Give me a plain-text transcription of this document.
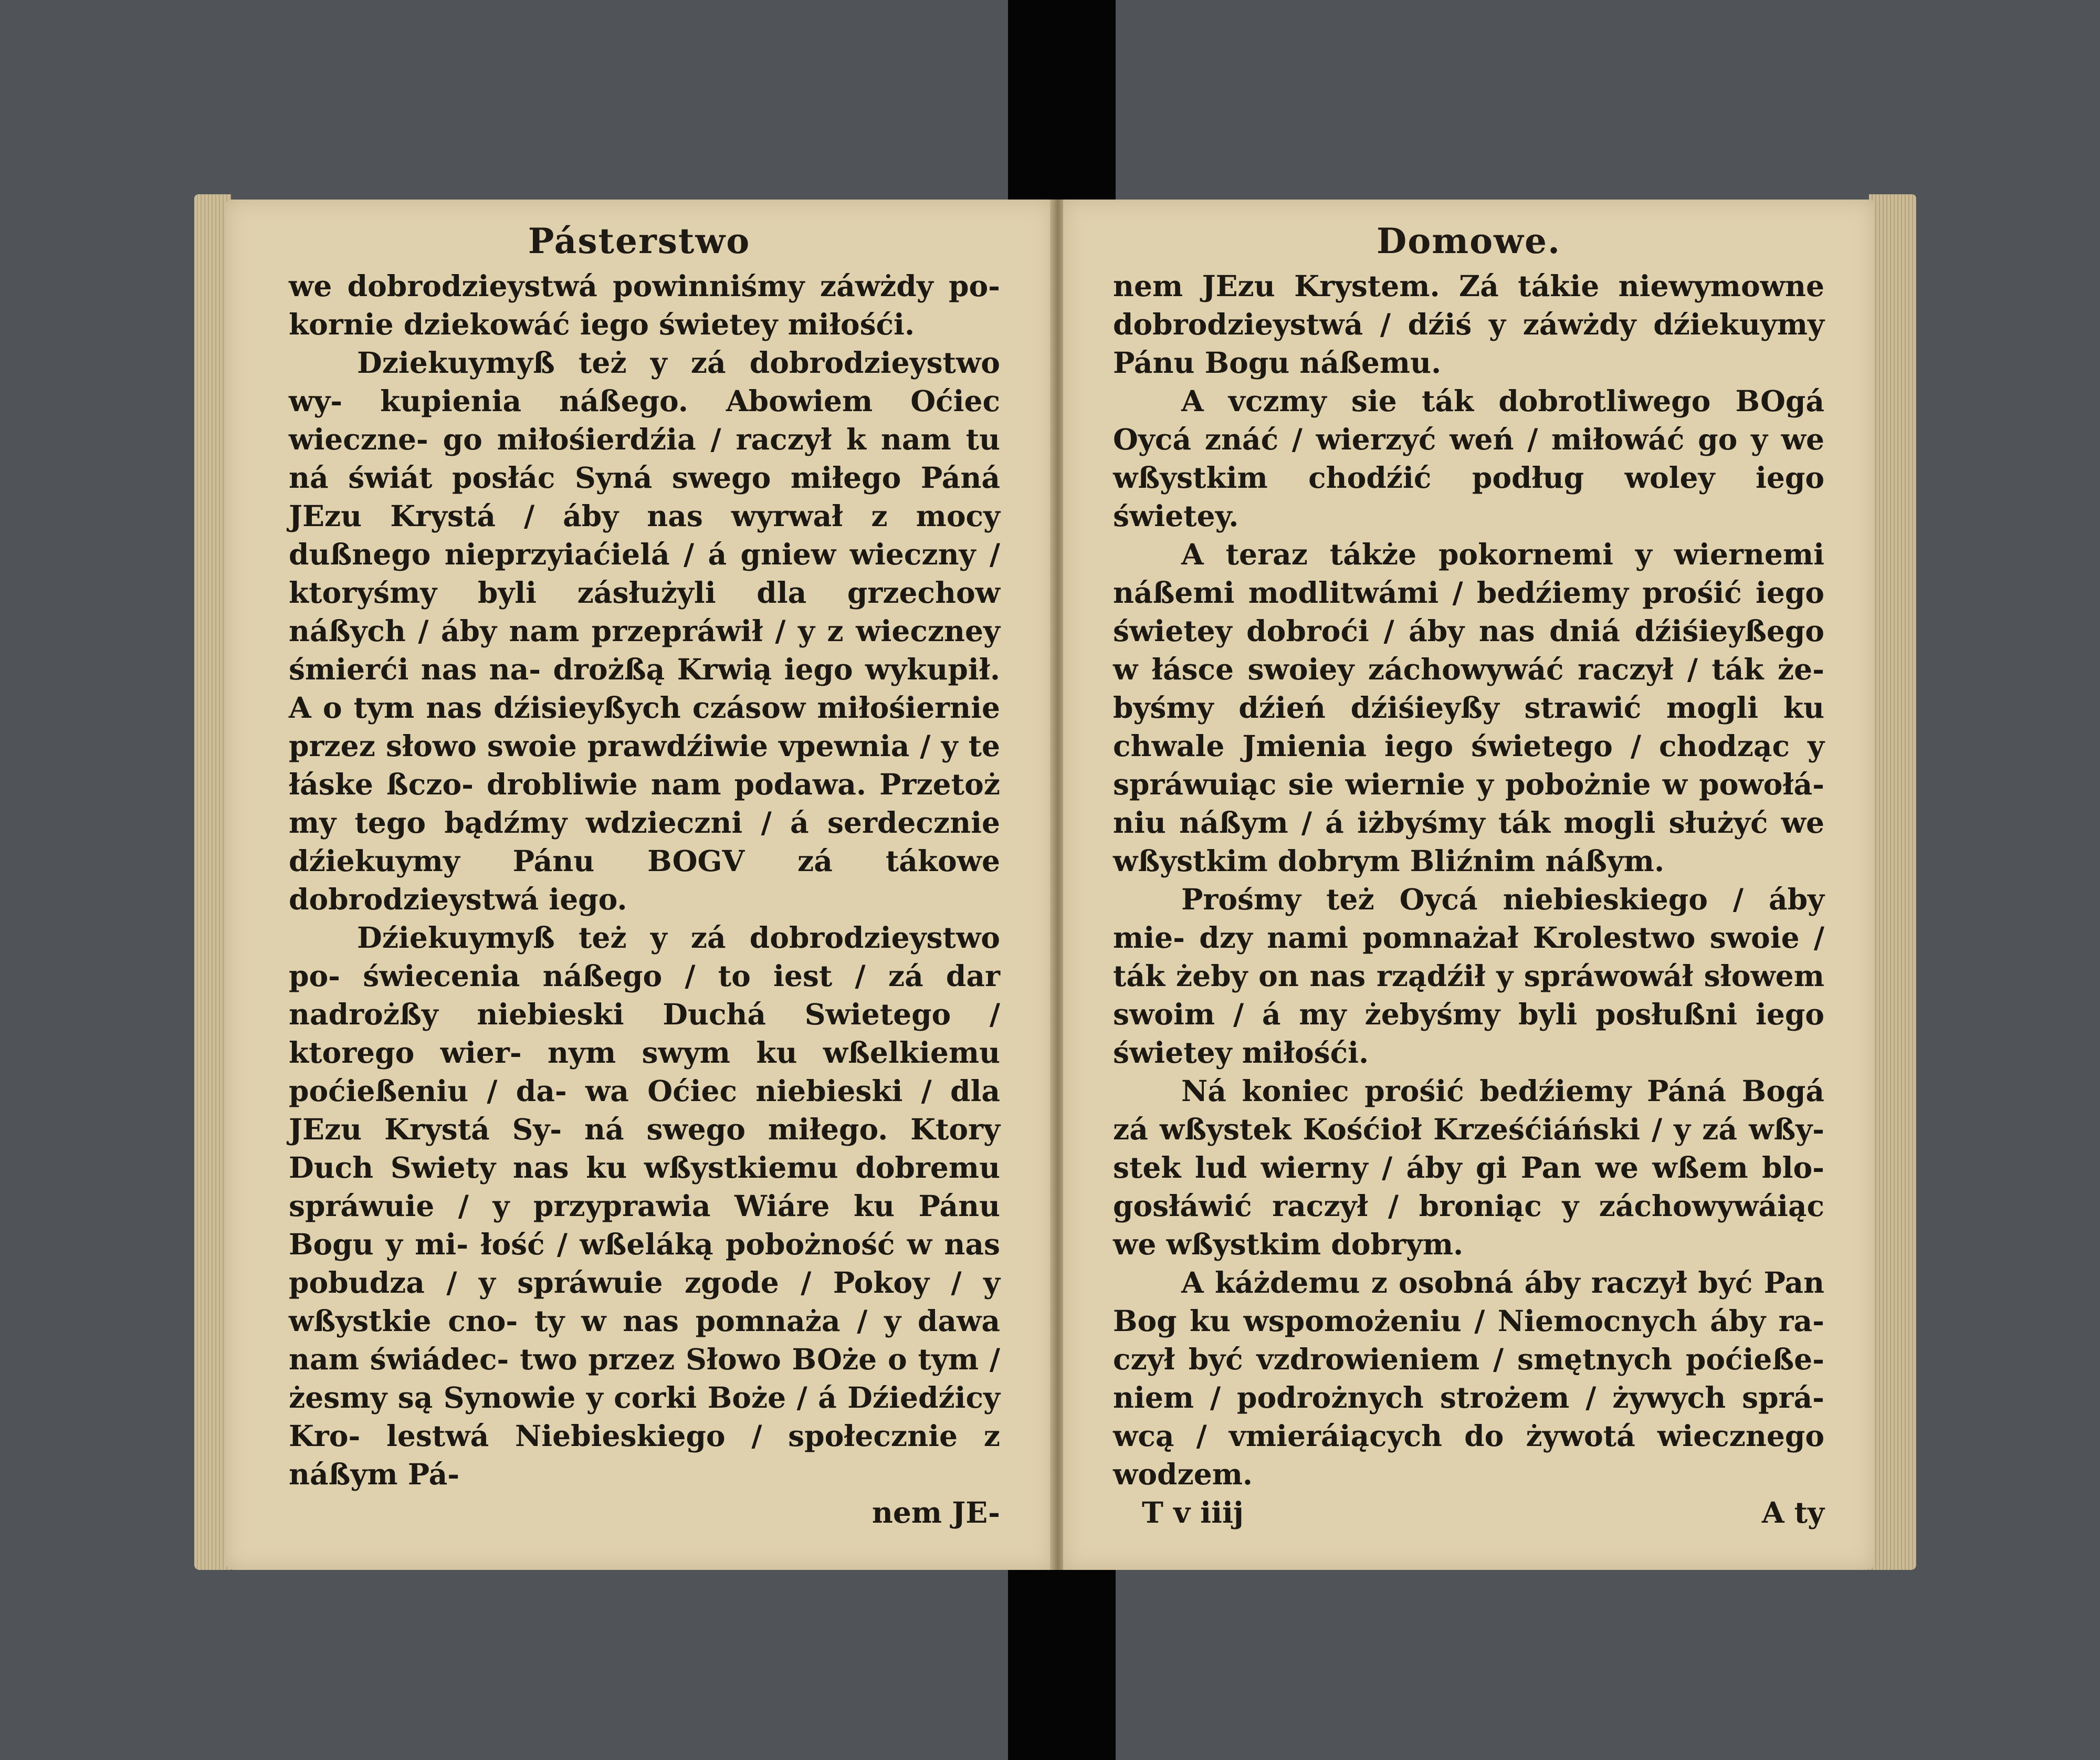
Pásterstwo

we dobrodzieystwá powinniśmy záwżdy po- kornie dziekowáć iego świetey miłośći.

Dziekuymyß też y zá dobrodzieystwo wy- kupienia náßego. Abowiem Oćiec wieczne- go miłośierdźia / raczył k nam tu ná świát posłác Syná swego miłego Páná JEzu Krystá / áby nas wyrwał z mocy dußnego nieprzyiaćielá / á gniew wieczny / ktoryśmy byli zásłużyli dla grzechow náßych / áby nam przepráwił / y z wieczney śmierći nas na- drożßą Krwią iego wykupił. A o tym nas dźisieyßych czásow miłośiernie przez słowo swoie prawdźiwie vpewnia / y te łáske ßczo- drobliwie nam podawa. Przetoż my tego bądźmy wdzieczni / á serdecznie dźiekuymy Pánu BOGV zá tákowe dobrodzieystwá iego.

Dźiekuymyß też y zá dobrodzieystwo po- świecenia náßego / to iest / zá dar nadrożßy niebieski Duchá Swietego / ktorego wier- nym swym ku wßelkiemu poćießeniu / da- wa Oćiec niebieski / dla JEzu Krystá Sy- ná swego miłego. Ktory Duch Swiety nas ku wßystkiemu dobremu spráwuie / y przyprawia Wiáre ku Pánu Bogu y mi- łość / wßeláką pobożność w nas pobudza / y spráwuie zgode / Pokoy / y wßystkie cno- ty w nas pomnaża / y dawa nam świádec- two przez Słowo BOże o tym / żesmy są Synowie y corki Boże / á Dźiedźicy Kro- lestwá Niebieskiego / społecznie z náßym Pá-

nem JE-
Domowe.

nem JEzu Krystem. Zá tákie niewymowne dobrodzieystwá / dźiś y záwżdy dźiekuymy Pánu Bogu náßemu.

A vczmy sie ták dobrotliwego BOgá Oycá znáć / wierzyć weń / miłowáć go y we wßystkim chodźić podług woley iego świetey.

A teraz tákże pokornemi y wiernemi náßemi modlitwámi / bedźiemy prośić iego świetey dobroći / áby nas dniá dźiśieyßego w łásce swoiey záchowywáć raczył / ták że- byśmy dźień dźiśieyßy strawić mogli ku chwale Jmienia iego świetego / chodząc y spráwuiąc sie wiernie y pobożnie w powołá- niu náßym / á iżbyśmy ták mogli służyć we wßystkim dobrym Bliźnim náßym.

Prośmy też Oycá niebieskiego / áby mie- dzy nami pomnażał Krolestwo swoie / ták żeby on nas rządźił y spráwowáł słowem swoim / á my żebyśmy byli posłußni iego świetey miłośći.

Ná koniec prośić bedźiemy Páná Bogá zá wßystek Kośćioł Krześćiáński / y zá wßy- stek lud wierny / áby gi Pan we wßem blo- gosłáwić raczył / broniąc y záchowywáiąc we wßystkim dobrym.

A káżdemu z osobná áby raczył być Pan Bog ku wspomożeniu / Niemocnych áby ra- czył być vzdrowieniem / smętnych poćieße- niem / podrożnych strożem / żywych sprá- wcą / vmieráiących do żywotá wiecznego wodzem.

T v iiij	A ty
